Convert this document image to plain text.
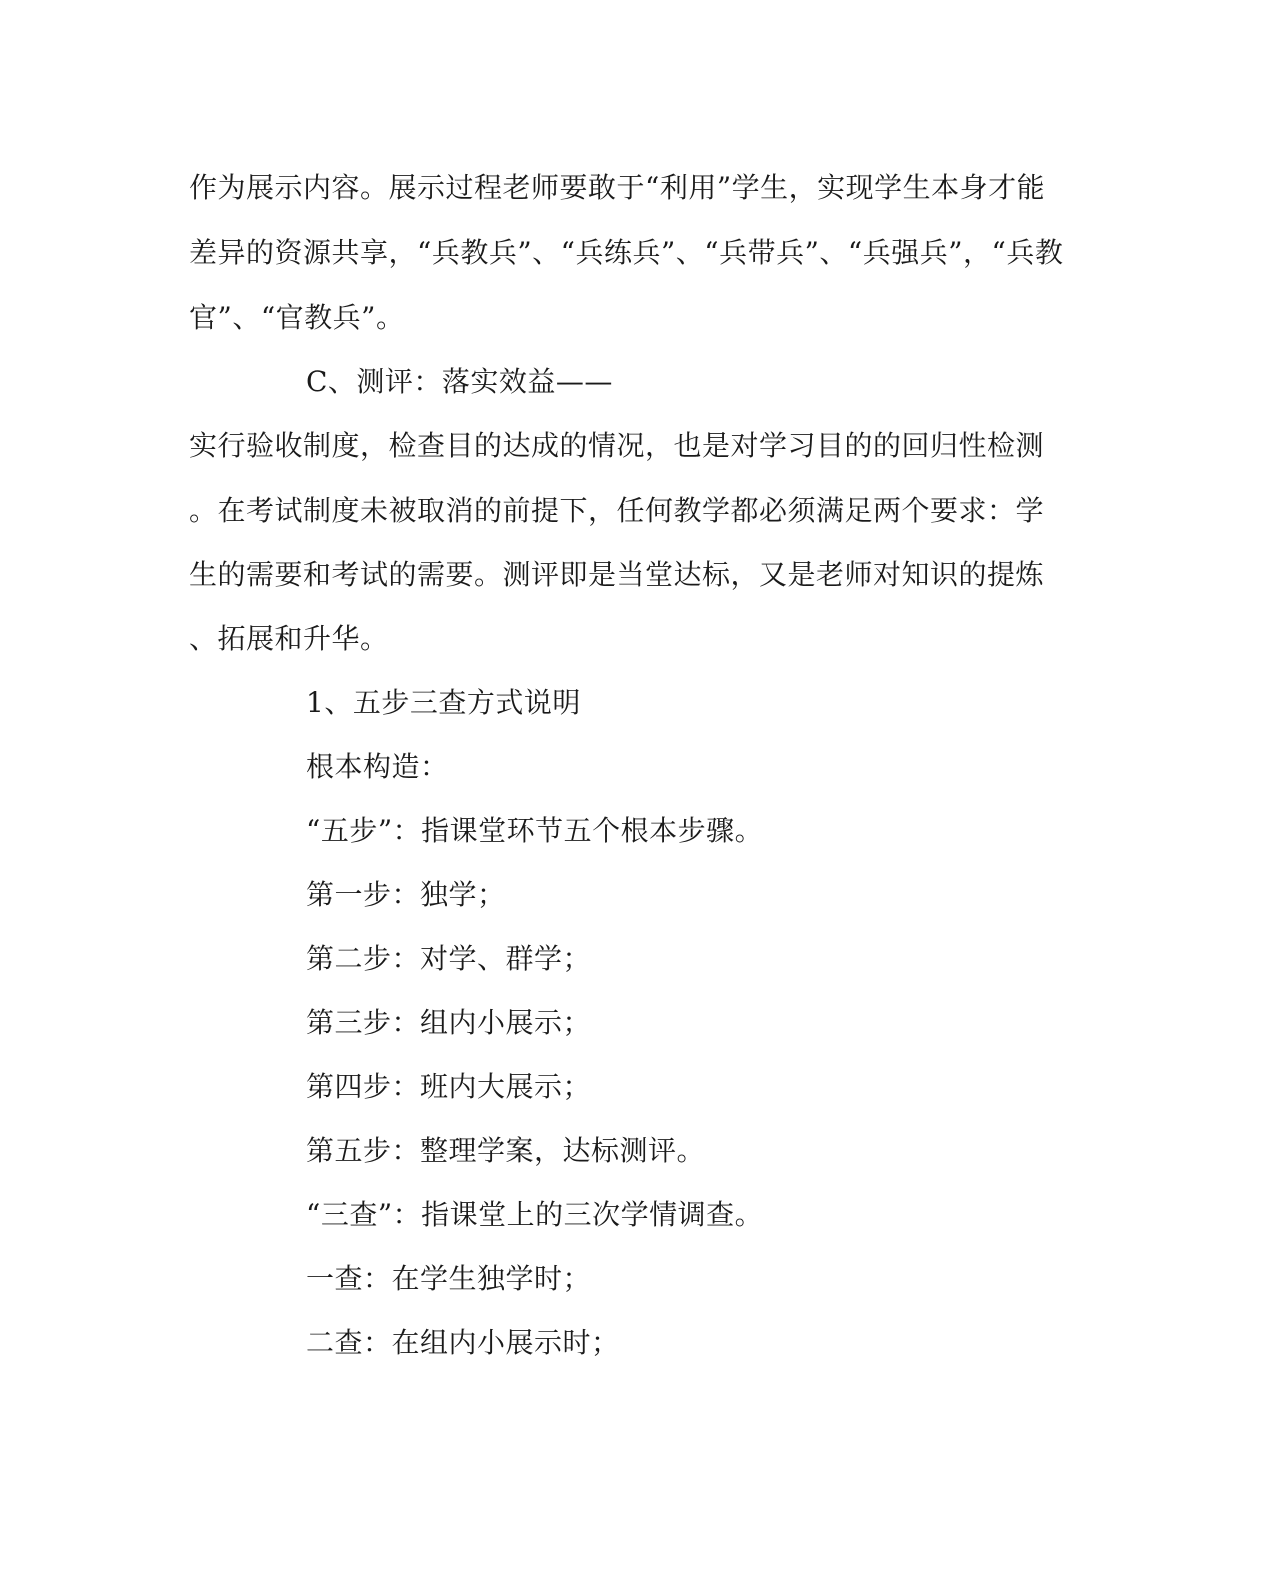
作为展示内容。展示过程老师要敢于“利用”学生，实现学生本身才能
差异的资源共享，“兵教兵”、“兵练兵”、“兵带兵”、“兵强兵”，“兵教
官”、“官教兵”。
C、测评：落实效益——
实行验收制度，检查目的达成的情况，也是对学习目的的回归性检测
。在考试制度未被取消的前提下，任何教学都必须满足两个要求：学
生的需要和考试的需要。测评即是当堂达标，又是老师对知识的提炼
、拓展和升华。
1、五步三查方式说明
根本构造：
“五步”：指课堂环节五个根本步骤。
第一步：独学；
第二步：对学、群学；
第三步：组内小展示；
第四步：班内大展示；
第五步：整理学案，达标测评。
“三查”：指课堂上的三次学情调查。
一查：在学生独学时；
二查：在组内小展示时；
